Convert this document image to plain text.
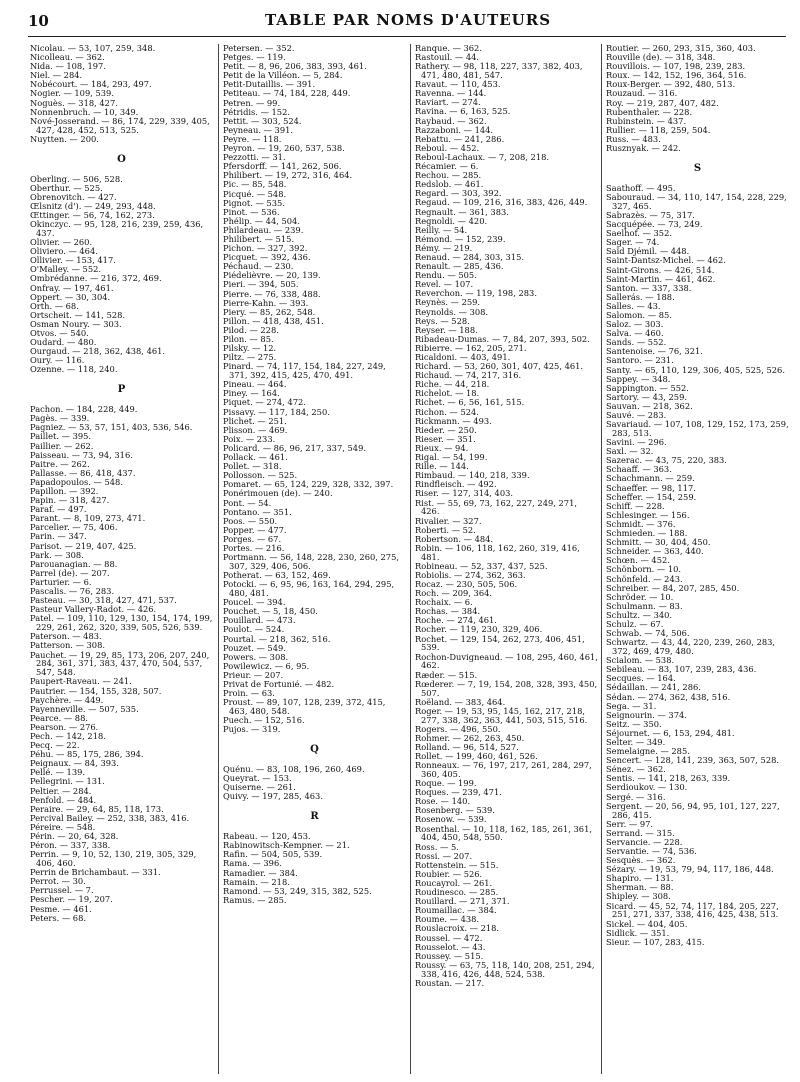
10	TABLE PAR NOMS D'AUTEURS
Nicolau. — 53, 107, 259, 348.
Nicolleau. — 362.
Nida. — 108, 197.
Niel. — 284.
Nobécourt. — 184, 293, 497.
Nogier. — 109, 539.
Noguès. — 318, 427.
Nonnenbruch. — 10, 349.
Nové-Josserand. — 86, 174, 229, 339, 405, 427, 428, 452, 513, 525.
Nuytten. — 200.
O
Oberling. — 506, 528.
Oberthur. — 525.
Obrenovitch. — 427.
Œlsnitz (d'). — 249, 293, 448.
Œttinger. — 56, 74, 162, 273.
Okinczyc. — 95, 128, 216, 239, 259, 436, 437.
Olivier. — 260.
Oliviero. — 464.
Ollivier. — 153, 417.
O'Malley. — 552.
Ombrédanne. — 216, 372, 469.
Onfray. — 197, 461.
Oppert. — 30, 304.
Orth. — 68.
Ortscheit. — 141, 528.
Osman Noury. — 303.
Otvos. — 540.
Oudard. — 480.
Ourgaud. — 218, 362, 438, 461.
Oury. — 116.
Ozenne. — 118, 240.
P
Pachon. — 184, 228, 449.
Pagès. — 339.
Pagniez. — 53, 57, 151, 403, 536, 546.
Paillet. — 395.
Paillier. — 262.
Paisseau. — 73, 94, 316.
Paitre. — 262.
Pallasse. — 86, 418, 437.
Papadopoulos. — 548.
Papillon. — 392.
Papin. — 318, 427.
Paraf. — 497.
Parant. — 8, 109, 273, 471.
Parcelier. — 75, 406.
Parin. — 347.
Parisot. — 219, 407, 425.
Park. — 308.
Parouanagian. — 88.
Parrel (de). — 207.
Parturier. — 6.
Pascalis. — 76, 283.
Pasteau. — 30, 318, 427, 471, 537.
Pasteur Vallery-Radot. — 426.
Patel. — 109, 110, 129, 130, 154, 174, 199, 229, 261, 262, 320, 339, 505, 526, 539.
Paterson. — 483.
Patterson. — 308.
Pauchet. — 19, 29, 85, 173, 206, 207, 240, 284, 361, 371, 383, 437, 470, 504, 537, 547, 548.
Paupert-Raveau. — 241.
Pautrier. — 154, 155, 328, 507.
Paychère. — 449.
Payenneville. — 507, 535.
Pearce. — 88.
Pearson. — 276.
Pech. — 142, 218.
Pecq. — 22.
Péhu. — 85, 175, 286, 394.
Peignaux. — 84, 393.
Pellé. — 139.
Pellegrini. — 131.
Peltier. — 284.
Penfold. — 484.
Peraire. — 29, 64, 85, 118, 173.
Percival Bailey. — 252, 338, 383, 416.
Péreire. — 548.
Périn. — 20, 64, 328.
Péron. — 337, 338.
Perrin. — 9, 10, 52, 130, 219, 305, 329, 406, 460.
Perrin de Brichambaut. — 331.
Perrot. — 30.
Perrussel. — 7.
Pescher. — 19, 207.
Pesme. — 461.
Peters. — 68.
Petersen. — 352.
Petges. — 119.
Petit. — 8, 96, 206, 383, 393, 461.
Petit de la Villéon. — 5, 284.
Petit-Dutaillis. — 391.
Petiteau. — 74, 184, 228, 449.
Petren. — 99.
Pétridis. — 152.
Pettit. — 303, 524.
Peyneau. — 391.
Peyre. — 118.
Peyron. — 19, 260, 537, 538.
Pezzotti. — 31.
Pfersdorff. — 141, 262, 506.
Philibert. — 19, 272, 316, 464.
Pic. — 85, 548.
Picqué. — 548.
Pignot. — 535.
Pinot. — 536.
Phélip. — 44, 504.
Philardeau. — 239.
Philibert. — 515.
Pichon. — 327, 392.
Picquet. — 392, 436.
Péchaud. — 230.
Piédelièvre. — 20, 139.
Pieri. — 394, 505.
Pierre. — 76, 338, 488.
Pierre-Kahn. — 393.
Piery. — 85, 262, 548.
Pillon. — 418, 438, 451.
Pilod. — 228.
Pilon. — 85.
Pilsky. — 12.
Piltz. — 275.
Pinard. — 74, 117, 154, 184, 227, 249, 371, 392, 415, 425, 470, 491.
Pineau. — 464.
Piney. — 164.
Piquet. — 274, 472.
Pissavy. — 117, 184, 250.
Plichet. — 251.
Plisson. — 469.
Poix. — 233.
Policard. — 86, 96, 217, 337, 549.
Pollack. — 461.
Pollet. — 318.
Pollosson. — 525.
Pomaret. — 65, 124, 229, 328, 332, 397.
Ponérimouen (de). — 240.
Pont. — 54.
Pontano. — 351.
Poos. — 550.
Popper. — 477.
Porges. — 67.
Portes. — 216.
Portmann. — 56, 148, 228, 230, 260, 275, 307, 329, 406, 506.
Potherat. — 63, 152, 469.
Potocki. — 6, 95, 96, 163, 164, 294, 295, 480, 481.
Poucel. — 394.
Pouchet. — 5, 18, 450.
Pouillard. — 473.
Poulot. — 524.
Pourtal. — 218, 362, 516.
Pouzet. — 549.
Powers. — 308.
Powilewicz. — 6, 95.
Prieur. — 207.
Privat de Fortunié. — 482.
Proin. — 63.
Proust. — 89, 107, 128, 239, 372, 415, 463, 480, 548.
Puech. — 152, 516.
Pujos. — 319.
Q
Quénu. — 83, 108, 196, 260, 469.
Queyrat. — 153.
Quiserne. — 261.
Quivy. — 197, 285, 463.
R
Rabeau. — 120, 453.
Rabinowitsch-Kempner. — 21.
Rafin. — 504, 505, 539.
Rama. — 396.
Ramadier. — 384.
Ramain. — 218.
Ramond. — 53, 249, 315, 382, 525.
Ramus. — 285.
Ranque. — 362.
Rastouil. — 44.
Rathery. — 98, 118, 227, 337, 382, 403, 471, 480, 481, 547.
Ravaut. — 110, 453.
Ravenna. — 144.
Raviart. — 274.
Ravina. — 6, 163, 525.
Raybaud. — 362.
Razzaboni. — 144.
Rebattu. — 241, 286.
Reboul. — 452.
Reboul-Lachaux. — 7, 208, 218.
Récamier. — 6.
Rechou. — 285.
Redslob. — 461.
Regard. — 303, 392.
Regaud. — 109, 216, 316, 383, 426, 449.
Regnault. — 361, 383.
Regnoldi. — 420.
Reilly. — 54.
Rémond. — 152, 239.
Rémy. — 219.
Renaud. — 284, 303, 315.
Renault. — 285, 436.
Rendu. — 505.
Revel. — 107.
Reverchon. — 119, 198, 283.
Reynès. — 259.
Reynolds. — 308.
Reys. — 528.
Reyser. — 188.
Ribadeau-Dumas. — 7, 84, 207, 393, 502.
Ribierre. — 162, 205, 271.
Ricaldoni. — 403, 491.
Richard. — 53, 260, 301, 407, 425, 461.
Richaud. — 74, 217, 316.
Riche. — 44, 218.
Richelot. — 18.
Richet. — 6, 56, 161, 515.
Richon. — 524.
Rickmann. — 493.
Rieder. — 250.
Rieser. — 351.
Rieux. — 94.
Rigal. — 54, 199.
Rille. — 144.
Rimbaud. — 140, 218, 339.
Rindfleisch. — 492.
Riser. — 127, 314, 403.
Rist. — 55, 69, 73, 162, 227, 249, 271, 426.
Rivalier. — 327.
Roberti. — 52.
Robertson. — 484.
Robin. — 106, 118, 162, 260, 319, 416, 481.
Robineau. — 52, 337, 437, 525.
Robiolis. — 274, 362, 363.
Rocaz. — 230, 505, 506.
Roch. — 209, 364.
Rochaix. — 6.
Rochas. — 384.
Roche. — 274, 461.
Rocher. — 119, 230, 329, 406.
Rochet. — 129, 154, 262, 273, 406, 451, 539.
Rochon-Duvigneaud. — 108, 295, 460, 461, 462.
Ræder. — 515.
Rœderer. — 7, 19, 154, 208, 328, 393, 450, 507.
Roëland. — 383, 464.
Roger. — 19, 53, 95, 145, 162, 217, 218, 277, 338, 362, 363, 441, 503, 515, 516.
Rogers. — 496, 550.
Rohmer. — 262, 263, 450.
Rolland. — 96, 514, 527.
Rollet. — 199, 460, 461, 526.
Ronneaux. — 76, 197, 217, 261, 284, 297, 360, 405.
Roque. — 199.
Roques. — 239, 471.
Rose. — 140.
Rosenberg. — 539.
Rosenow. — 539.
Rosenthal. — 10, 118, 162, 185, 261, 361, 404, 450, 548, 550.
Ross. — 5.
Rossi. — 207.
Rottenstein. — 515.
Roubier. — 526.
Roucayrol. — 261.
Roudinesco. — 285.
Rouillard. — 271, 371.
Roumaillac. — 384.
Roume. — 438.
Rouslacroix. — 218.
Roussel. — 472.
Rousselot. — 43.
Roussey. — 515.
Roussy. — 63, 75, 118, 140, 208, 251, 294, 338, 416, 426, 448, 524, 538.
Roustan. — 217.
Routier. — 260, 293, 315, 360, 403.
Rouville (de). — 318, 348.
Rouvillois. — 107, 198, 239, 283.
Roux. — 142, 152, 196, 364, 516.
Roux-Berger. — 392, 480, 513.
Rouzaud. — 316.
Roy. — 219, 287, 407, 482.
Rubenthaler. — 228.
Rubinstein. — 437.
Rullier. — 118, 259, 504.
Russ. — 483.
Rusznyak. — 242.
S
Saathoff. — 495.
Sabouraud. — 34, 110, 147, 154, 228, 229, 327, 465.
Sabrazès. — 75, 317.
Sacquépée. — 73, 249.
Saelhof. — 352.
Sager. — 74.
Saïd Djémil. — 448.
Saint-Dantsz-Michel. — 462.
Saint-Girons. — 426, 514.
Saint-Martin. — 461, 462.
Santon. — 337, 338.
Sallerás. — 188.
Salles. — 43.
Salomon. — 85.
Saloz. — 303.
Salva. — 460.
Sands. — 552.
Santenoise. — 76, 321.
Santoro. — 231.
Santy. — 65, 110, 129, 306, 405, 525, 526.
Sappey. — 348.
Sappington. — 552.
Sartory. — 43, 259.
Sauvan. — 218, 362.
Sauvé. — 283.
Savariaud. — 107, 108, 129, 152, 173, 259, 283, 513.
Savini. — 296.
Saxl. — 32.
Sazerac. — 43, 75, 220, 383.
Schaaff. — 363.
Schachmann. — 259.
Schaeffer. — 98, 117.
Scheffer. — 154, 259.
Schiff. — 228.
Schlesinger. — 156.
Schmidt. — 376.
Schmieden. — 188.
Schmitt. — 30, 404, 450.
Schneider. — 363, 440.
Schœn. — 452.
Schönborn. — 10.
Schönfeld. — 243.
Schreiber. — 84, 207, 285, 450.
Schröder. — 10.
Schulmann. — 83.
Schultz. — 340.
Schulz. — 67.
Schwab. — 74, 506.
Schwartz. — 43, 44, 220, 239, 260, 283, 372, 469, 479, 480.
Scialom. — 538.
Sebileau. — 83, 107, 239, 283, 436.
Secques. — 164.
Sédaillan. — 241, 286.
Sédan. — 274, 362, 438, 516.
Sega. — 31.
Seignourin. — 374.
Seitz. — 350.
Séjournet. — 6, 153, 294, 481.
Selter. — 349.
Semelaigne. — 285.
Sencert. — 128, 141, 239, 363, 507, 528.
Sénez. — 362.
Sentis. — 141, 218, 263, 339.
Serdioukov. — 130.
Sergé. — 316.
Sergent. — 20, 56, 94, 95, 101, 127, 227, 286, 415.
Serr. — 97.
Serrand. — 315.
Servancie. — 228.
Servantie. — 74, 536.
Sesquès. — 362.
Sézary. — 19, 53, 79, 94, 117, 186, 448.
Shapiro. — 131.
Sherman. — 88.
Shipley. — 308.
Sicard. — 45, 52, 74, 117, 184, 205, 227, 251, 271, 337, 338, 416, 425, 438, 513.
Sickel. — 404, 405.
Sidlick. — 351.
Sieur. — 107, 283, 415.
